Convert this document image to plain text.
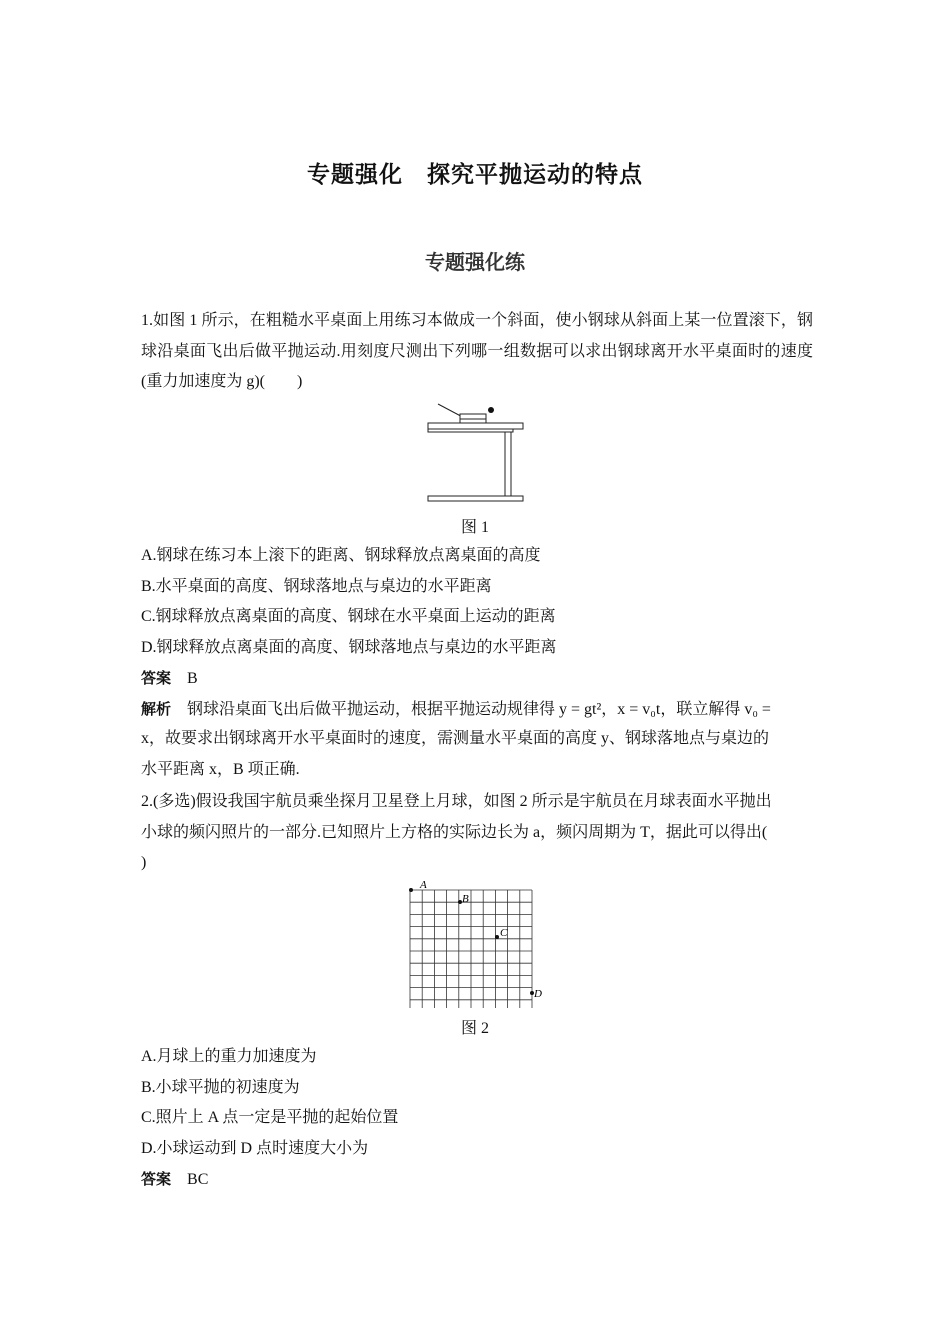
专题强化　探究平抛运动的特点
专题强化练

1.如图 1 所示，在粗糙水平桌面上用练习本做成一个斜面，使小钢球从斜面上某一位置滚下，钢球沿桌面飞出后做平抛运动.用刻度尺测出下列哪一组数据可以求出钢球离开水平桌面时的速度(重力加速度为 g)(　　)

图 1

A.钢球在练习本上滚下的距离、钢球释放点离桌面的高度

B.水平桌面的高度、钢球落地点与桌边的水平距离

C.钢球释放点离桌面的高度、钢球在水平桌面上运动的距离

D.钢球释放点离桌面的高度、钢球落地点与桌边的水平距离

答案 B

解析 钢球沿桌面飞出后做平抛运动，根据平抛运动规律得 y = gt²，x = v₀t，联立解得 v₀ =

x，故要求出钢球离开水平桌面时的速度，需测量水平桌面的高度 y、钢球落地点与桌边的

水平距离 x，B 项正确.

2.(多选)假设我国宇航员乘坐探月卫星登上月球，如图 2 所示是宇航员在月球表面水平抛出

小球的频闪照片的一部分.已知照片上方格的实际边长为 a，频闪周期为 T，据此可以得出(

)

A
B
C
D
图 2

A.月球上的重力加速度为

B.小球平抛的初速度为

C.照片上 A 点一定是平抛的起始位置

D.小球运动到 D 点时速度大小为

答案 BC
